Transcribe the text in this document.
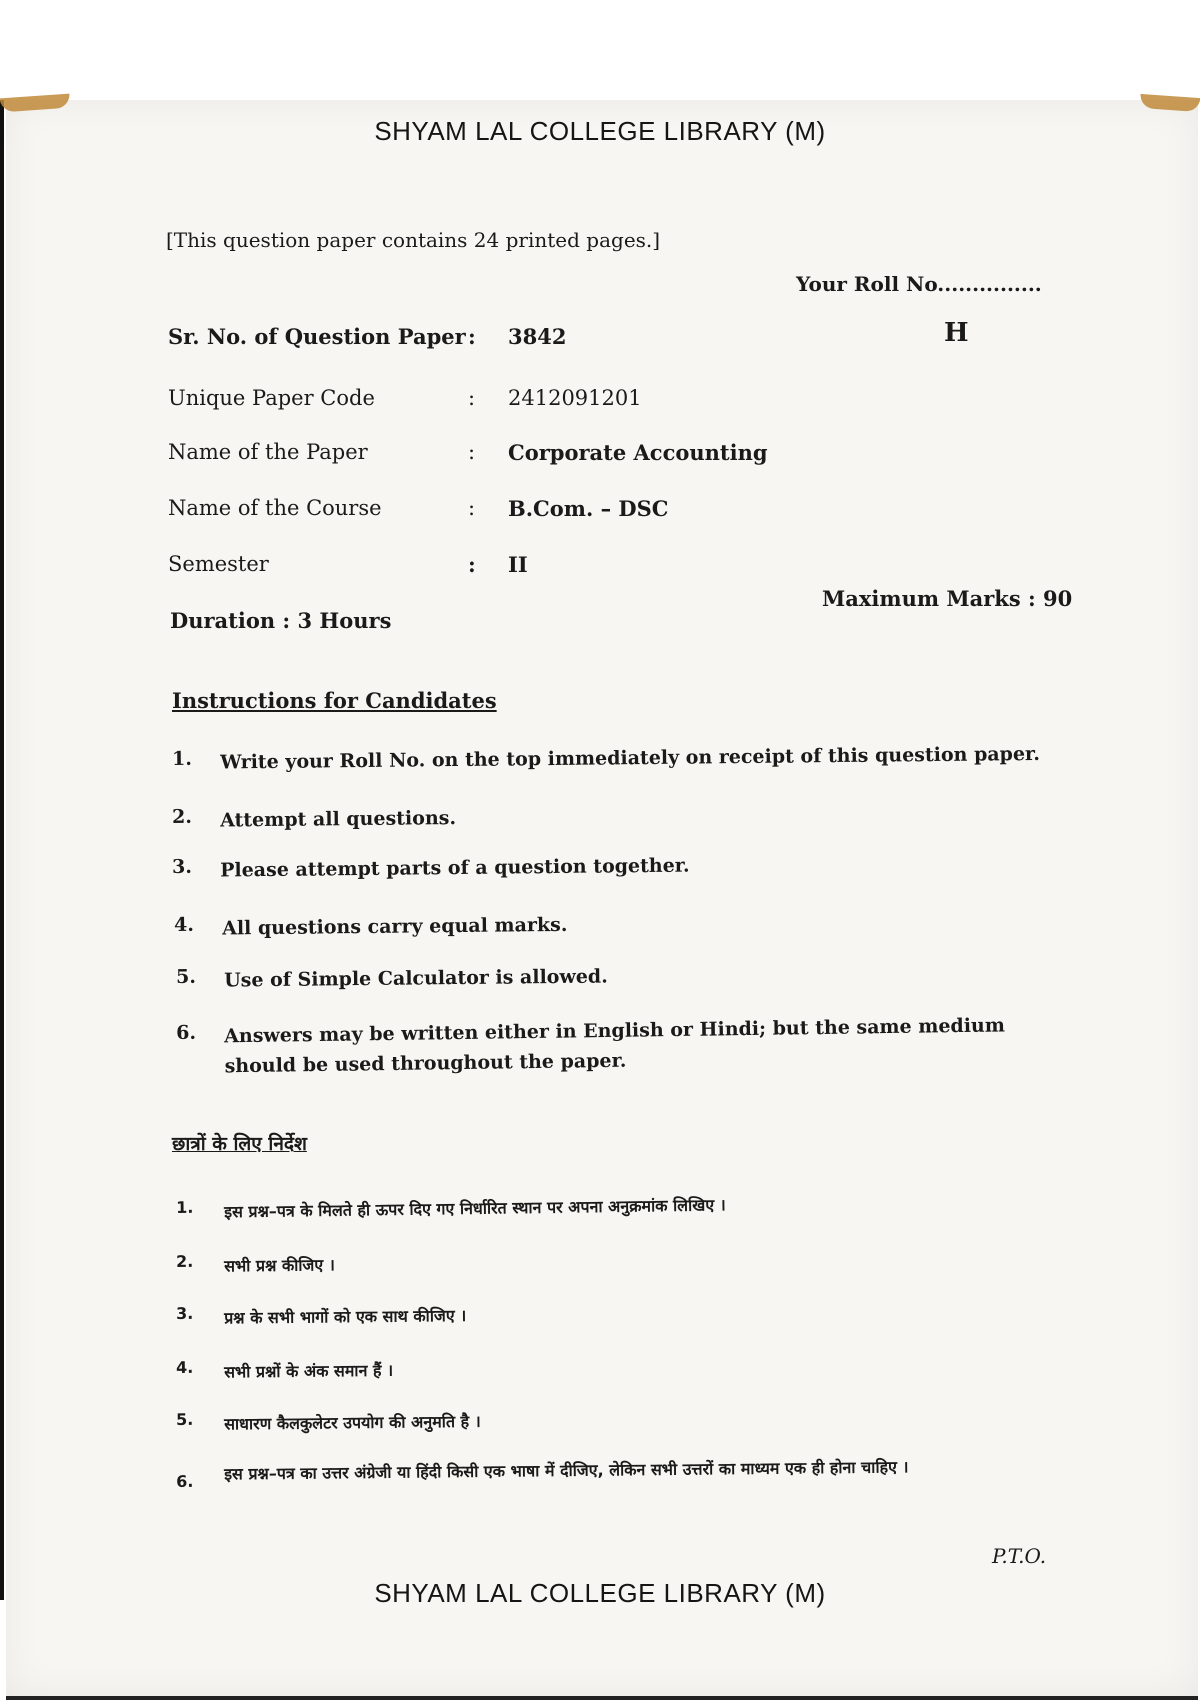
SHYAM LAL COLLEGE LIBRARY (M)
[This question paper contains 24 printed pages.]
Your Roll No...............
H
Sr. No. of Question Paper : 3842
Unique Paper Code	: 2412091201
Name of the Paper	: Corporate Accounting
Name of the Course	: B.Com. – DSC
Semester	: II
Duration : 3 Hours
Maximum Marks : 90
Instructions for Candidates
1.	Write your Roll No. on the top immediately on receipt of this question paper.
2.	Attempt all questions.
3.	Please attempt parts of a question together.
4.	All questions carry equal marks.
5.	Use of Simple Calculator is allowed.
6.	Answers may be written either in English or Hindi; but the same medium should be used throughout the paper.
छात्रों के लिए निर्देश
1.	इस प्रश्न–पत्र के मिलते ही ऊपर दिए गए निर्धारित स्थान पर अपना अनुक्रमांक लिखिए ।
2.	सभी प्रश्न कीजिए ।
3.	प्रश्न के सभी भागों को एक साथ कीजिए ।
4.	सभी प्रश्नों के अंक समान हैं ।
5.	साधारण कैलकुलेटर उपयोग की अनुमति है ।
6.	इस प्रश्न–पत्र का उत्तर अंग्रेजी या हिंदी किसी एक भाषा में दीजिए, लेकिन सभी उत्तरों का माध्यम एक ही होना चाहिए ।
P.T.O.
SHYAM LAL COLLEGE LIBRARY (M)
